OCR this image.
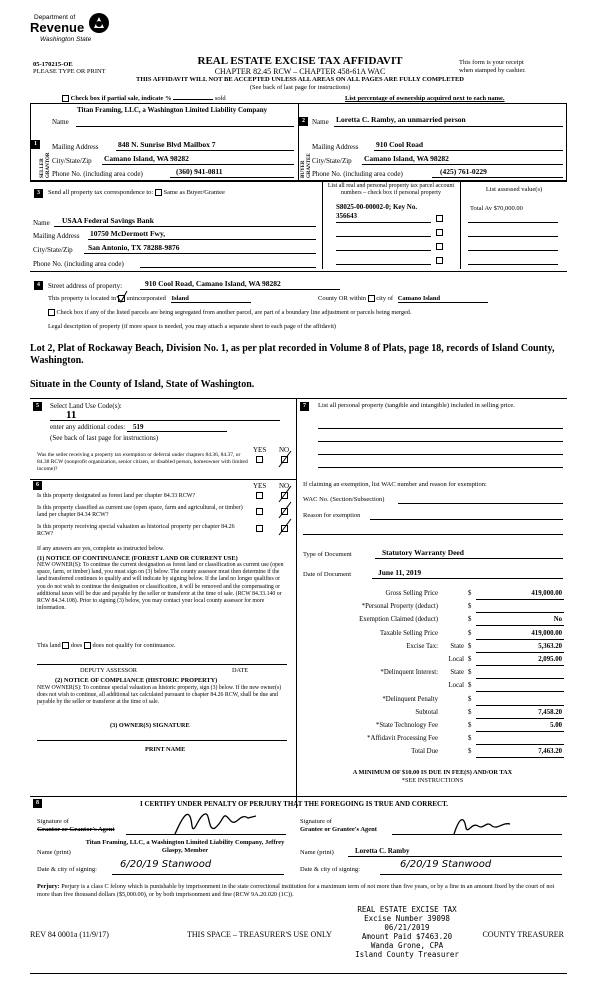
Department of
Revenue
Washington State
05-170215-OE
PLEASE TYPE OR PRINT
REAL ESTATE EXCISE TAX AFFIDAVIT
CHAPTER 82.45 RCW – CHAPTER 458-61A WAC
THIS AFFIDAVIT WILL NOT BE ACCEPTED UNLESS ALL AREAS ON ALL PAGES ARE FULLY COMPLETED
(See back of last page for instructions)
This form is your receipt
when stamped by cashier.
Check box if partial sale, indicate %	sold	List percentage of ownership acquired next to each name.
1
SELLER GRANTOR
Name
Titan Framing, LLC, a Washington Limited Liability Company
Mailing Address	848 N. Sunrise Blvd Mailbox 7
City/State/Zip Camano Island, WA 98282
Phone No. (including area code)	(360) 941-0811
2
BUYER GRANTEE
Name Loretta C. Ramby, an unmarried person
Mailing Address 910 Cool Road
City/State/Zip Camano Island, WA 98282
Phone No. (including area code)	(425) 761-0229
3	Send all property tax correspondence to: Same as Buyer/Grantee
List all real and personal property tax parcel account numbers – check box if personal property	List assessed value(s)
S8025-00-00002-0; Key No. 356643
Total Av $70,000.00
Name USAA Federal Savings Bank
Mailing Address 10750 McDermott Fwy,
City/State/Zip San Antonio, TX 78288-9876
Phone No. (including area code)
4	Street address of property:	910 Cool Road, Camano Island, WA 98282
This property is located in unincorporated Island	County OR within city of Camano Island
Check box if any of the listed parcels are being segregated from another parcel, are part of a boundary line adjustment or parcels being merged.
Legal description of property (if more space is needed, you may attach a separate sheet to each page of the affidavit)
Lot 2, Plat of Rockaway Beach, Division No. 1, as per plat recorded in Volume 8 of Plats, page 18, records of Island County, Washington.
Situate in the County of Island, State of Washington.
5	Select Land Use Code(s):
11
enter any additional codes: 519
(See back of last page for instructions)
YES NO
Was the seller receiving a property tax exemption or deferral under chapters 84.36, 84.37, or 84.38 RCW (nonprofit organization, senior citizen, or disabled person, homeowner with limited income)?
6	YES NO
Is this property designated as forest land per chapter 84.33 RCW?
Is this property classified as current use (open space, farm and agricultural, or timber) land per chapter 84.34 RCW?
Is this property receiving special valuation as historical property per chapter 84.26 RCW?
If any answers are yes, complete as instructed below.
(1) NOTICE OF CONTINUANCE (FOREST LAND OR CURRENT USE)
NEW OWNER(S): To continue the current designation as forest land or classification as current use (open space, farm, or timber) land, you must sign on (3) below. The county assessor must then determine if the land transferred continues to qualify and will indicate by signing below. If the land no longer qualifies or you do not wish to continue the designation or classification, it will be removed and the compensating or additional taxes will be due and payable by the seller or transferor at the time of sale. (RCW 84.33.140 or RCW 84.34.108). Prior to signing (3) below, you may contact your local county assessor for more information.
This land does does not qualify for continuance.
DEPUTY ASSESSOR	DATE
(2) NOTICE OF COMPLIANCE (HISTORIC PROPERTY)
NEW OWNER(S): To continue special valuation as historic property, sign (3) below. If the new owner(s) does not wish to continue, all additional tax calculated pursuant to chapter 84.26 RCW, shall be due and payable by the seller or transferor at the time of sale.
(3) OWNER(S) SIGNATURE
PRINT NAME
7	List all personal property (tangible and intangible) included in selling price.
If claiming an exemption, list WAC number and reason for exemption:
WAC No. (Section/Subsection)
Reason for exemption
Type of Document	Statutory Warranty Deed
Date of Document	June 11, 2019
Gross Selling Price	$	419,000.00
*Personal Property (deduct)	$
Exemption Claimed (deduct)	$	No
Taxable Selling Price	$	419,000.00
Excise Tax: State $	5,363.20
Local $	2,095.00
*Delinquent Interest: State $
Local $
*Delinquent Penalty	$
Subtotal	$	7,458.20
*State Technology Fee	$	5.00
*Affidavit Processing Fee	$
Total Due	$	7,463.20
A MINIMUM OF $10.00 IS DUE IN FEE(S) AND/OR TAX
*SEE INSTRUCTIONS
8	I CERTIFY UNDER PENALTY OF PERJURY THAT THE FOREGOING IS TRUE AND CORRECT.
Signature of
Grantor or Grantor's Agent
Titan Framing, LLC, a Washington Limited Liability Company, Jeffrey Glaspy, Member
Name (print)
Date & city of signing: 6/20/19 Stanwood
Signature of
Grantee or Grantee's Agent
Name (print)	Loretta C. Ramby
Date & city of signing:	6/20/19 Stanwood
Perjury: Perjury is a class C felony which is punishable by imprisonment in the state correctional institution for a maximum term of not more than five years, or by a fine in an amount fixed by the court of not more than five thousand dollars ($5,000.00), or by both imprisonment and fine (RCW 9A.20.020 (1C)).
REV 84 0001a (11/9/17)	THIS SPACE – TREASURER'S USE ONLY	COUNTY TREASURER
REAL ESTATE EXCISE TAX
Excise Number 39098
06/21/2019
Amount Paid $7463.20
Wanda Grone, CPA
Island County Treasurer
